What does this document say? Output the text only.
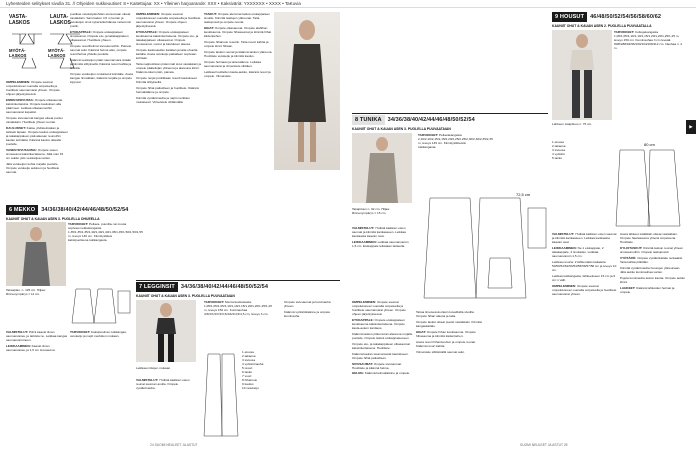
Lyhenteiden selitykset sivulla 31. // Ohjeiden nukkeuutiset: 8 • Kaitettujaa: XX • Ylleinen harjoarande: XXX • Kaksiväriä: YXXXXXX • XXXX • TaKuvia
VASTA-
LASKOS
LAUTA-
LASKOS
MYÖTÄ-
LASKOS
MYÖTÄ-
LASKOS

OMPELEMINEN: Ompele saumat ompelukoneen suoralla ompeleella ja huolittele saumanvarat yhteen. Ompele ohjeen järjestyksessä.

ENSIN EISIVUSSA: Ompele olkasaumat kaksinkertaisina. Ompele kauluksen alla päärmeet. Leikkaa olkasaumoihin saumanvarat kapeiksi.

Ompele sivusaumat kangas oikeat puolet vastakkain. Huolittele yhteen reunat.

KAULUKSET: Kaitse yhdistelmäkan ja tarkasti lapaan. Ompele kaulus etukappaleen ja takakappaleen pää alaosan reunoihin kaulan kohdalta. Käännä kaulus oikealle puolelle.

VASEN SIVUSAUMA: Ompele vasen sivusauma kaksinkertaisena. Jätä noin 15 cm aukko ylös vetoketjua varten.

Jätä vetoketjun kohta nurjalle puolelle. Ompele vetoketju aukkoon ja huolittele saumat.

puolikas vetoketjukohdan etureunaan oikeat vastakkain. Sammakon 4,5 m kerran ja vetoketjun sivut sykertelkohdassa molemmin puolin.

ETUKAPPALE: Ompele etukappaleen sivusaumat. Ompele etu- ja takakappaleen olkasaumat. Huolittele yhteen.

Ompele resorihelmat sivusaumoihin. Painele saumat auki. Käännä helma alas, ompele resorihelma yhdelle puolelle.

Käännä vetoketjun pään saumanvara sisään ja kiinnitä silityksellä. Käännä resori kahtia ja kiinnitä.

Ompele vetoketjun mukaisesti kohdalle. Aseta kangas rinnakkain, käännä nurjalle ja ompele loppuun.

OMPELEMINEN: Ompele saumat ompelukoneen suoralla ompeleella ja huolittele saumanvarat yhteen. Ompele ohjeen järjestyksessä.

ETUKAPPALE: Ompele etukappaleen keskisauma kaksinkertaisena. Ompele etu- ja takakappaleen olkasaumat. Ompele sivusaumat, vuoret ja kauluksen alaosa.

Ompele kaulusaukko kaitalan ja taita ohuelta kaitalla. Aseta vetoketju paikalleen sopivaan kohtaan.

Taita napituslistan pidemmät sivut vastakkain ja ompele päätelinjan yläreuna ja alareuna kiinni. Käännä oikein päin, painele.

Ompele nurjat puolikkaan resorit kaulukseen. Kiinnitä silityksellä.

Ompele hihat paikoilleen ja huolittele. Käännä helmakäänne ja ompele.

Kiinnitä vyötärönauha ja napit merkkien mukaisesti. Viimeistele silittämällä.

TASKUT: Ompele alemmat taskut etukappaleen sivuille. Kiinnitä taskujen yläreunat. Taita taskupussit ja ompele reunat.

HIHAT: Ompele olkasaumat. Ompele alahihan keskisauma. Ompele hihasaumat ja kiinnitä hihat kädentiehen.

Ompele hihansuu resoriin. Taita resori kahtia ja ompele kiinni hihaan.

Ompele taskun reunat ja käännä taskun yläreuna. Huolittele vetoketju ja kiinnitä kaulus.

Ompele helmaan ja taita käänne. Leikkaa saumanvarat ja viimeistele silittäen.

Leikkaa huolitellen kaula-aukko, käännä resori ja ompele. Viimeistele.

6 MEKKO	34/36/38/40/42/44/46/48/50/52/54
KAUNIIT OHUT & KAUAN ASEN 3. PUOLELLA OHUEELLA

TARVIKKEET: Pellava- puuvilla- tai muuta sopivaa mekkokangasta 1,35/1,35/1,35/1,40/1,40/1,40/1,45/1,45/1,50/1,50/1,55 m, leveys 140 cm. Kiinnityslitteä kaksipuolisena tukikangasta.

Taksaplan. n. 125 cm. Hiljaa: Rinnenympärys = 11 cm.

VALMISTELUT: Piirrä kaavat ilman saumanvaraa, ja tarkista ne. Leikkaa kangas saumanvaroineen.

LEIKKAAMINEN: Kaavat ilman saumanvaraa, ja 1,5 cm sivusauma.

TARVIKKEET: Kaksipuolinen tukikangas, vetoketju ja napit merkkien mukaan.

7 LEGGINSIT	34/36/38/40/42/44/46/48/50/52/54
KAUNIIT OHUT & KAUAN ASEN 3. PUOLELLA PUUVAATAIAN

TARVIKKEET: Mentonkudoskasta: 1,05/1,05/1,05/1,10/1,10/1,15/1,20/1,20/1,25/1,25 m, leveys 150 cm. Kuminauhaa 3/3/3/3,5/3,5/3,5/4/4/4/4,5/4,5 cm, leveys 3 cm.

Leikkaa mittojen mukaan.

VALMISTELUT: Yhdistä kaikkien osien reunat sauman avulla. Ompele vyötärönauha.

1 etuosa
2 takaosa
3 sivuosa
4 vyötärönauha
5 resori
6 tasku
7 vuori
8 hihansuu
9 kaulus
10 vetoketju

Ompele sivusaumat ja kuminauha yhteen.

Käännä vyötärökäänne ja ompele kuminauha.

24 SUOMI NEULEET JA ASTUT
8 TUNIKA	34/36/38/40/42/44/46/48/50/52/54
KAUNIIT OHUT & KAUAN ASEN 3. PUOLELLA PUUVAATAIAN

TARVIKKEET: Pellavakangasta 2,10/2,10/2,15/2,15/2,20/2,25/2,25/2,30/2,30/2,35/2,35 m, leveys 145 cm. Kiinnitysliitteistä tukikangasta.

Takapituus n. 92 cm. Hiljaa: Rinnenympärys = 15 cm.

VALMISTELUT: Yhdistä kaikkien osien saumat ja kiinnitä kankaaseen. Leikkaa kankaasta kaavan osat.

LEIKKAAMINEN: Leikkaa saumanvaroin 1,5 cm. Etukappale leikataan taitteelta.

72,5 cm

OMPELEMINEN: Ompele saumat ompelukoneen suoralla ompeleella ja huolittele saumanvarat yhteen. Ompele ohjeen järjestyksessä.

ETUKAPPALE: Ompele etukappaleen keskisauma kaksinkertaisena. Ompele kaula-aukon kanttaus.

Käännä taskun pitkemmän alareuna nurjalle puolelle. Ompele taskut etukappaleeseen.

Ompele etu- ja takakappaleen olkasaumat kaksinkertaisena. Huolittele.

Käännä kaulan saumanvarat kaulukseen. Ompele hihat paikoilleen.

SIVUSAUMAT: Ompele sivusaumat. Huolittele ja käännä helma.

HELMA: Käännä helmakäänne ja ompele.

Taitoa ilmeisessä oikein kuvailluilla sivuilla. Ompele hihan alaosa ja taita.

Ompele taskut oikeat puolet vastakkain. Kiinnitä kangaskaitale.

HIHAT: Ompele hihan keskisauma. Ompele hihasauma ja kiinnitä kädentiehen.

Aseta resori hihansuuhun ja ompele reunat. Käännä resori kahtia.

Viimeistele silittämällä saumat auki.

9 HOUSUT	46/48/50/52/54/56/58/60/62
KAUNIIT OHUT & KAUAN ASEN 2. PUOLELLA PUUVAATALLA

TARVIKKEET: Collegekangasta 1,05/1,05/1,10/1,10/1,15/1,20/1,20/1,25/1,25 m, leveys 150 cm. Kuminauhaa 3 cm leveää 80/84/88/92/96/100/104/108/112 cm. Nauhaa n. 2 m.

Lahkeen sisäpituus n. 75 cm.	▶
80 cm
1 etuosa
2 takaosa
3 sivuosa
4 vyötärö
5 tasku

VALMISTELUT: Yhdistä kaikkien osien saumat ja kiinnitä kankaaseen. Leikkaa kankaasta kaavan osat.

LEIKKAAMINEN: Ne 1 etukappale, 2 takakappale, 3 sivutasku. Leikkaa saumanvaroin 1,5 cm.

Leikkaa resoria: 2 tähkemään kaitaleita 50/50/51/52/53/54/55/56/57/58 cm ja leveys 10 cm.

Leikkaa tukikangasta, lähkeekseen 15 cm ja 9 cm:n välit.

OMPELEMINEN: Ompele saumat ompelukoneen suoralla ompeleella ja huolittele saumanvarat yhteen.

Aseta lahkeet sisäkkäin oikeat vastakkain. Ompele haarasauma yhtenä ompeleena. Huolittele.

KYLKITASKUT: Kiinnitä taskun reunat yhteen sivusaumoihin. Ompele taskupussit.

VYÖTÄRÖ: Ompele vyötärökaitale renkaaksi. Taita kahtia pitkittäin.

Kiinnitä vyötärönauha housujen yläreunaan. Jätä aukko kuminauhaa varten.

Pujota kuminauha aukon kautta. Ompele aukko kiinni.

LAHKEET: Käännä lahkeiden helmat ja ompele.

SUOMI NEULEET JA ASTUT 25
